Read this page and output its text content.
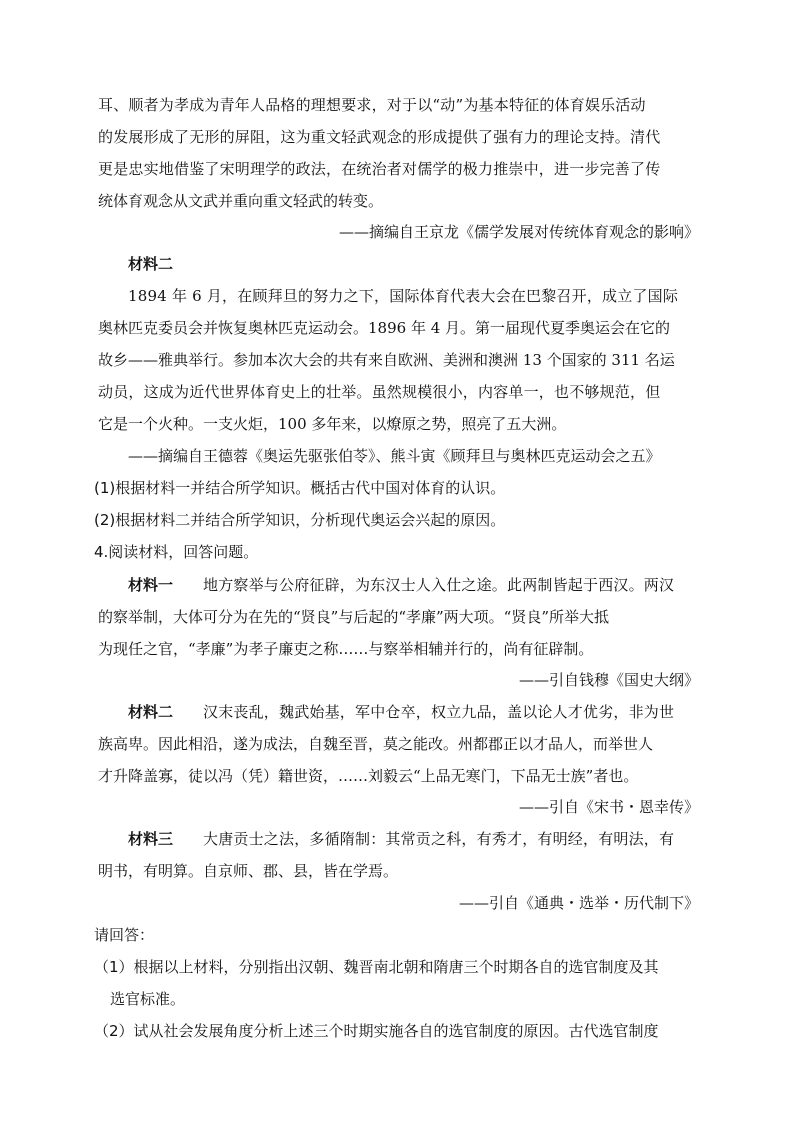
耳、顺者为孝成为青年人品格的理想要求，对于以“动”为基本特征的体育娱乐活动
的发展形成了无形的屏阻，这为重文轻武观念的形成提供了强有力的理论支持。清代
更是忠实地借鉴了宋明理学的政法，在统治者对儒学的极力推崇中，进一步完善了传
统体育观念从文武并重向重文轻武的转变。
——摘编自王京龙《儒学发展对传统体育观念的影响》
材料二
1894 年 6 月，在顾拜旦的努力之下，国际体育代表大会在巴黎召开，成立了国际
奥林匹克委员会并恢复奥林匹克运动会。1896 年 4 月。第一届现代夏季奥运会在它的
故乡——雅典举行。参加本次大会的共有来自欧洲、美洲和澳洲 13 个国家的 311 名运
动员，这成为近代世界体育史上的壮举。虽然规模很小，内容单一，也不够规范，但
它是一个火种。一支火炬，100 多年来，以燎原之势，照亮了五大洲。
——摘编自王德蓉《奥运先驱张伯苓》、熊斗寅《顾拜旦与奥林匹克运动会之五》
(1)根据材料一并结合所学知识。概括古代中国对体育的认识。
(2)根据材料二并结合所学知识，分析现代奥运会兴起的原因。
4.阅读材料，回答问题。
材料一 地方察举与公府征辟，为东汉士人入仕之途。此两制皆起于西汉。两汉
的察举制，大体可分为在先的“贤良”与后起的“孝廉”两大项。“贤良”所举大抵
为现任之官，“孝廉”为孝子廉吏之称……与察举相辅并行的，尚有征辟制。
——引自钱穆《国史大纲》
材料二 汉末丧乱，魏武始基，军中仓卒，权立九品，盖以论人才优劣，非为世
族高卑。因此相沿，遂为成法，自魏至晋，莫之能改。州都郡正以才品人，而举世人
才升降盖寡，徒以冯（凭）籍世资，……刘毅云“上品无寒门，下品无士族”者也。
——引自《宋书・恩幸传》
材料三 大唐贡士之法，多循隋制：其常贡之科，有秀才，有明经，有明法，有
明书，有明算。自京师、郡、县，皆在学焉。
——引自《通典・选举・历代制下》
请回答：
（1）根据以上材料，分别指出汉朝、魏晋南北朝和隋唐三个时期各自的选官制度及其
选官标准。
（2）试从社会发展角度分析上述三个时期实施各自的选官制度的原因。古代选官制度
